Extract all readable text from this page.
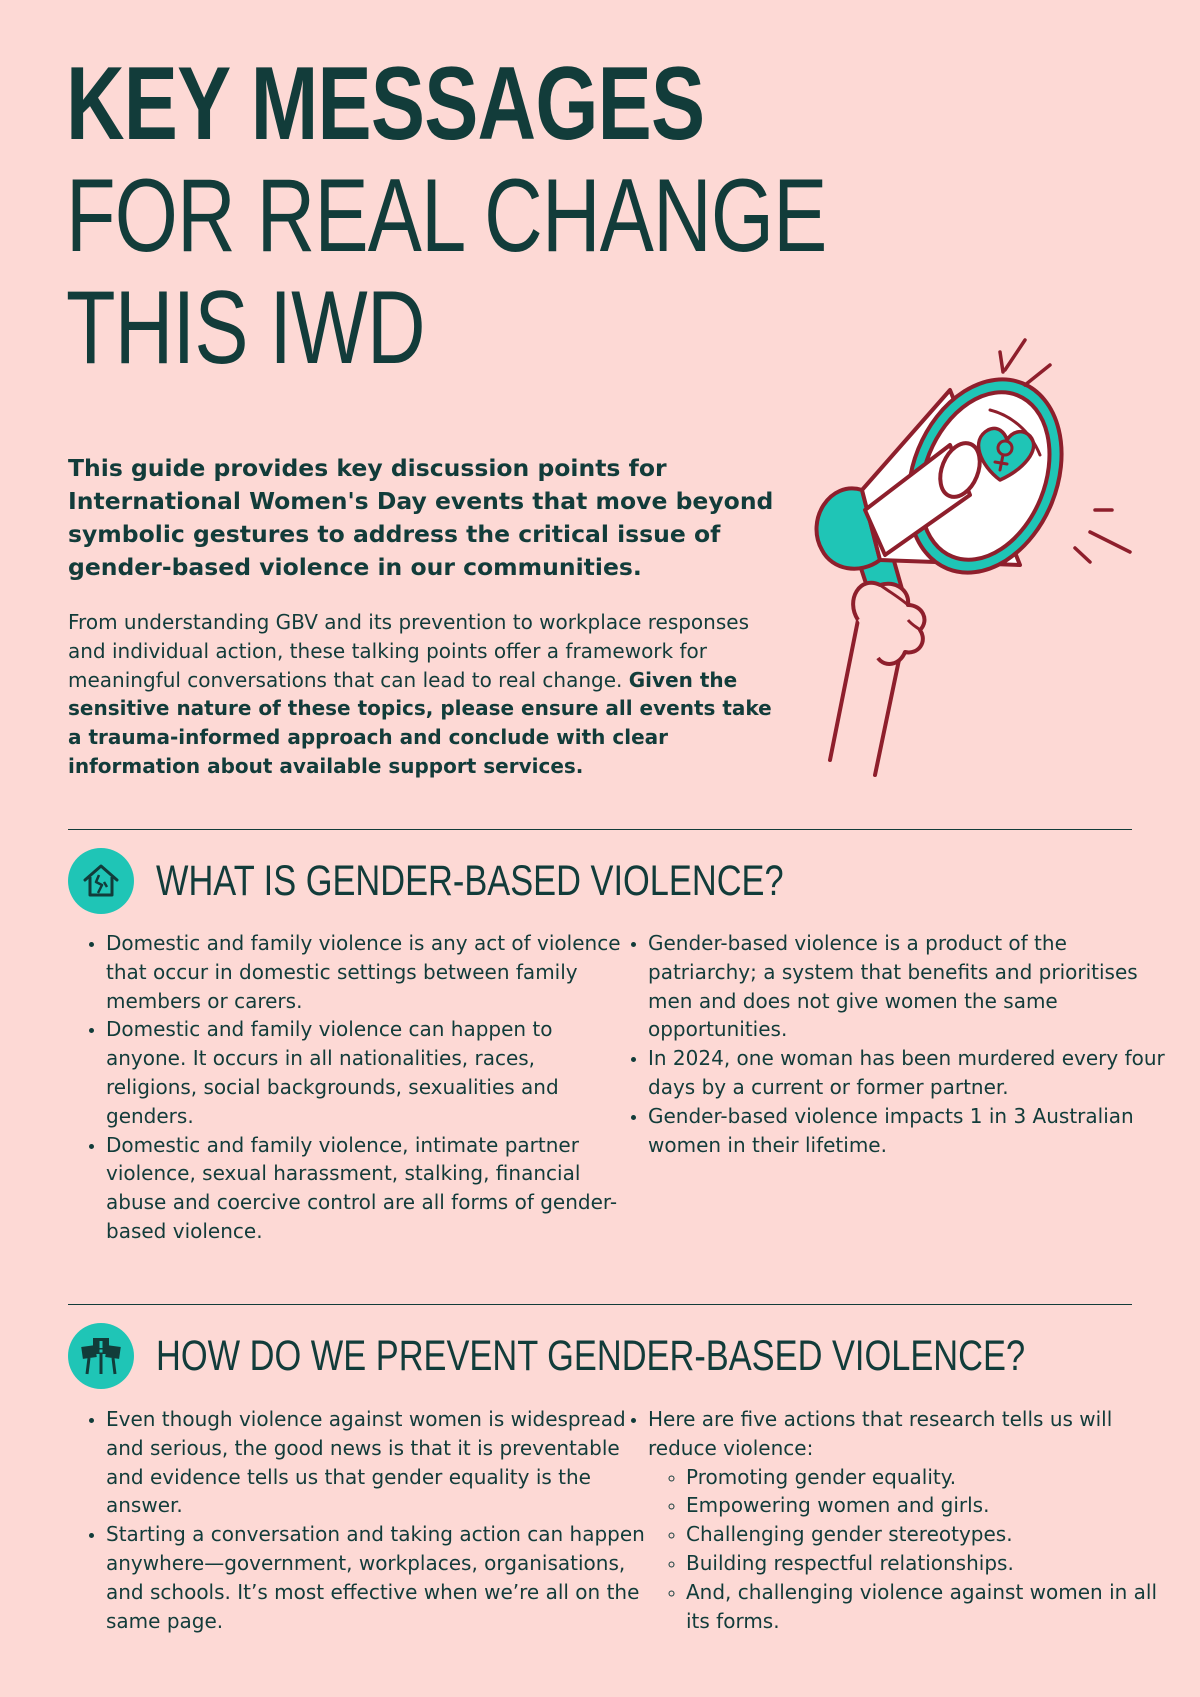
KEY MESSAGES
FOR REAL CHANGE
THIS IWD

This guide provides key discussion points for International Women's Day events that move beyond symbolic gestures to address the critical issue of gender-based violence in our communities.

From understanding GBV and its prevention to workplace responses and individual action, these talking points offer a framework for meaningful conversations that can lead to real change. Given the sensitive nature of these topics, please ensure all events take a trauma-informed approach and conclude with clear information about available support services.

WHAT IS GENDER-BASED VIOLENCE?
• Domestic and family violence is any act of violence that occur in domestic settings between family members or carers.
• Domestic and family violence can happen to anyone. It occurs in all nationalities, races, religions, social backgrounds, sexualities and genders.
• Domestic and family violence, intimate partner violence, sexual harassment, stalking, financial abuse and coercive control are all forms of gender-based violence.
• Gender-based violence is a product of the patriarchy; a system that benefits and prioritises men and does not give women the same opportunities.
• In 2024, one woman has been murdered every four days by a current or former partner.
• Gender-based violence impacts 1 in 3 Australian women in their lifetime.
HOW DO WE PREVENT GENDER-BASED VIOLENCE?
• Even though violence against women is widespread and serious, the good news is that it is preventable and evidence tells us that gender equality is the answer.
• Starting a conversation and taking action can happen anywhere—government, workplaces, organisations, and schools. It’s most effective when we’re all on the same page.
• Here are five actions that research tells us will reduce violence:
◦ Promoting gender equality.
◦ Empowering women and girls.
◦ Challenging gender stereotypes.
◦ Building respectful relationships.
◦ And, challenging violence against women in all its forms.
